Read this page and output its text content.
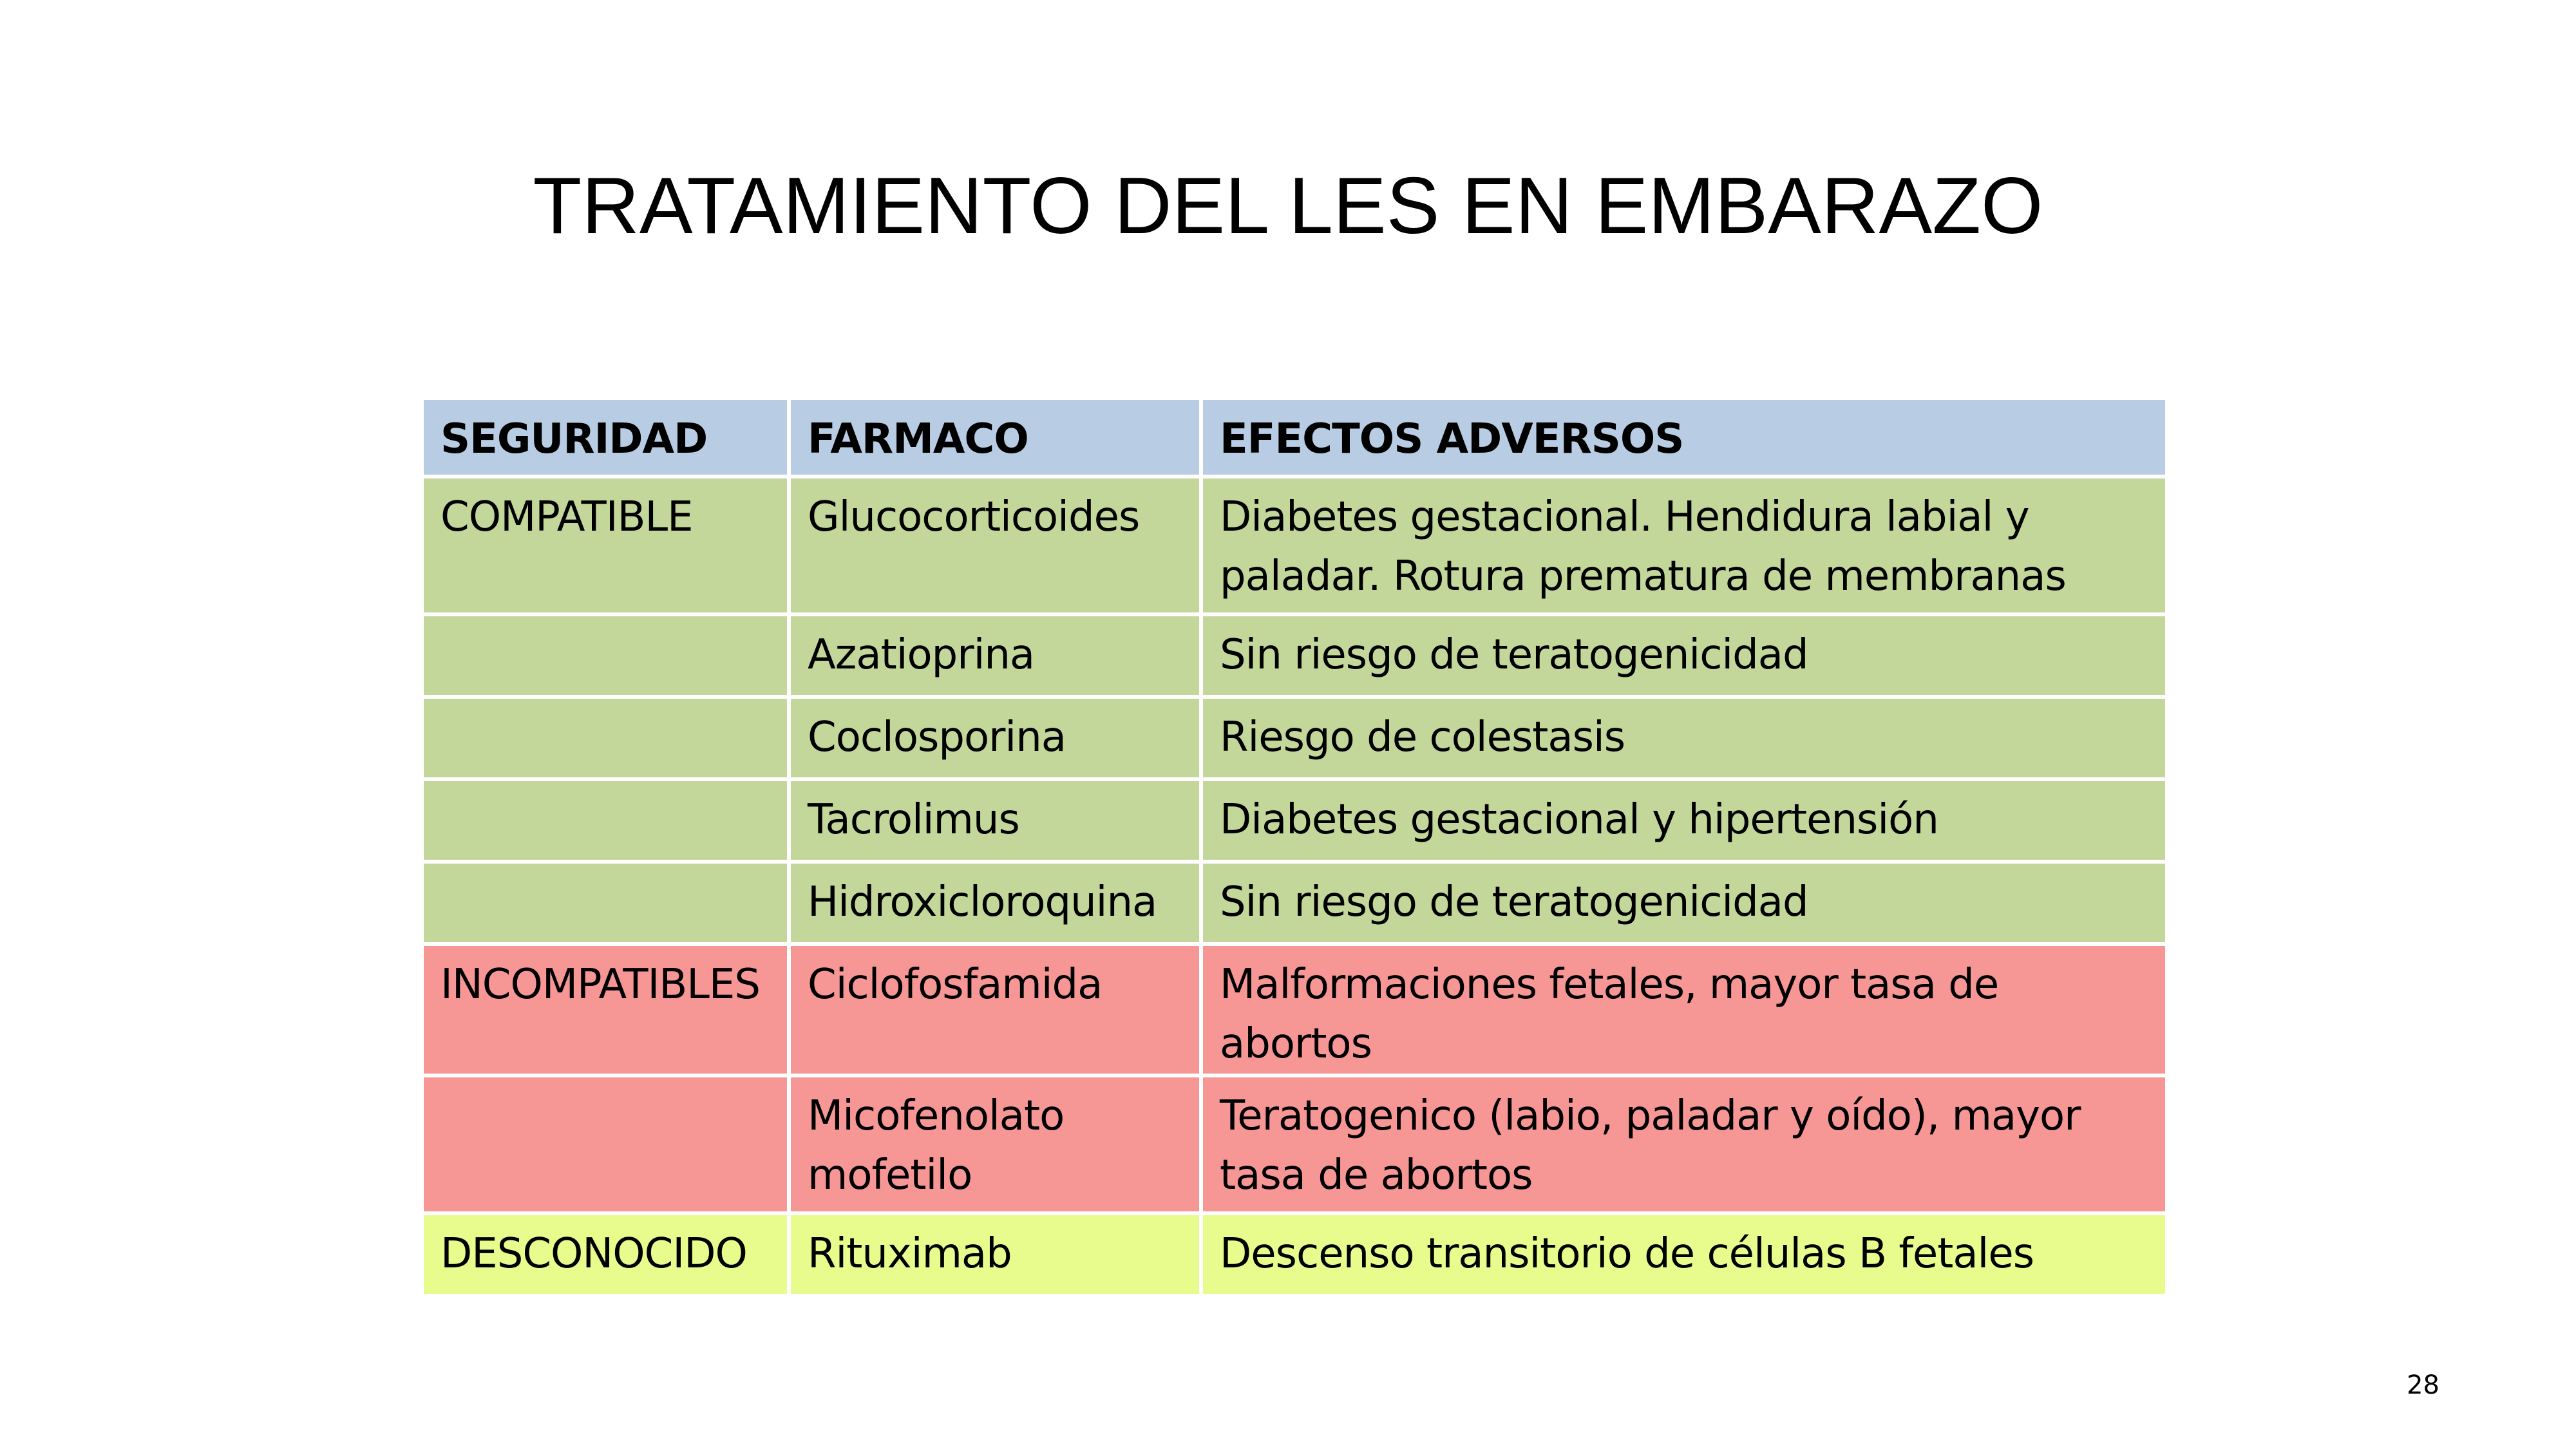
TRATAMIENTO DEL LES EN EMBARAZO
SEGURIDAD	FARMACO	EFECTOS ADVERSOS
COMPATIBLE	Glucocorticoides	Diabetes gestacional. Hendidura labial y paladar. Rotura prematura de membranas
	Azatioprina	Sin riesgo de teratogenicidad
	Coclosporina	Riesgo de colestasis
	Tacrolimus	Diabetes gestacional y hipertensión
	Hidroxicloroquina	Sin riesgo de teratogenicidad
INCOMPATIBLES	Ciclofosfamida	Malformaciones fetales, mayor tasa de abortos
	Micofenolato mofetilo	Teratogenico (labio, paladar y oído), mayor tasa de abortos
DESCONOCIDO	Rituximab	Descenso transitorio de células B fetales
28
